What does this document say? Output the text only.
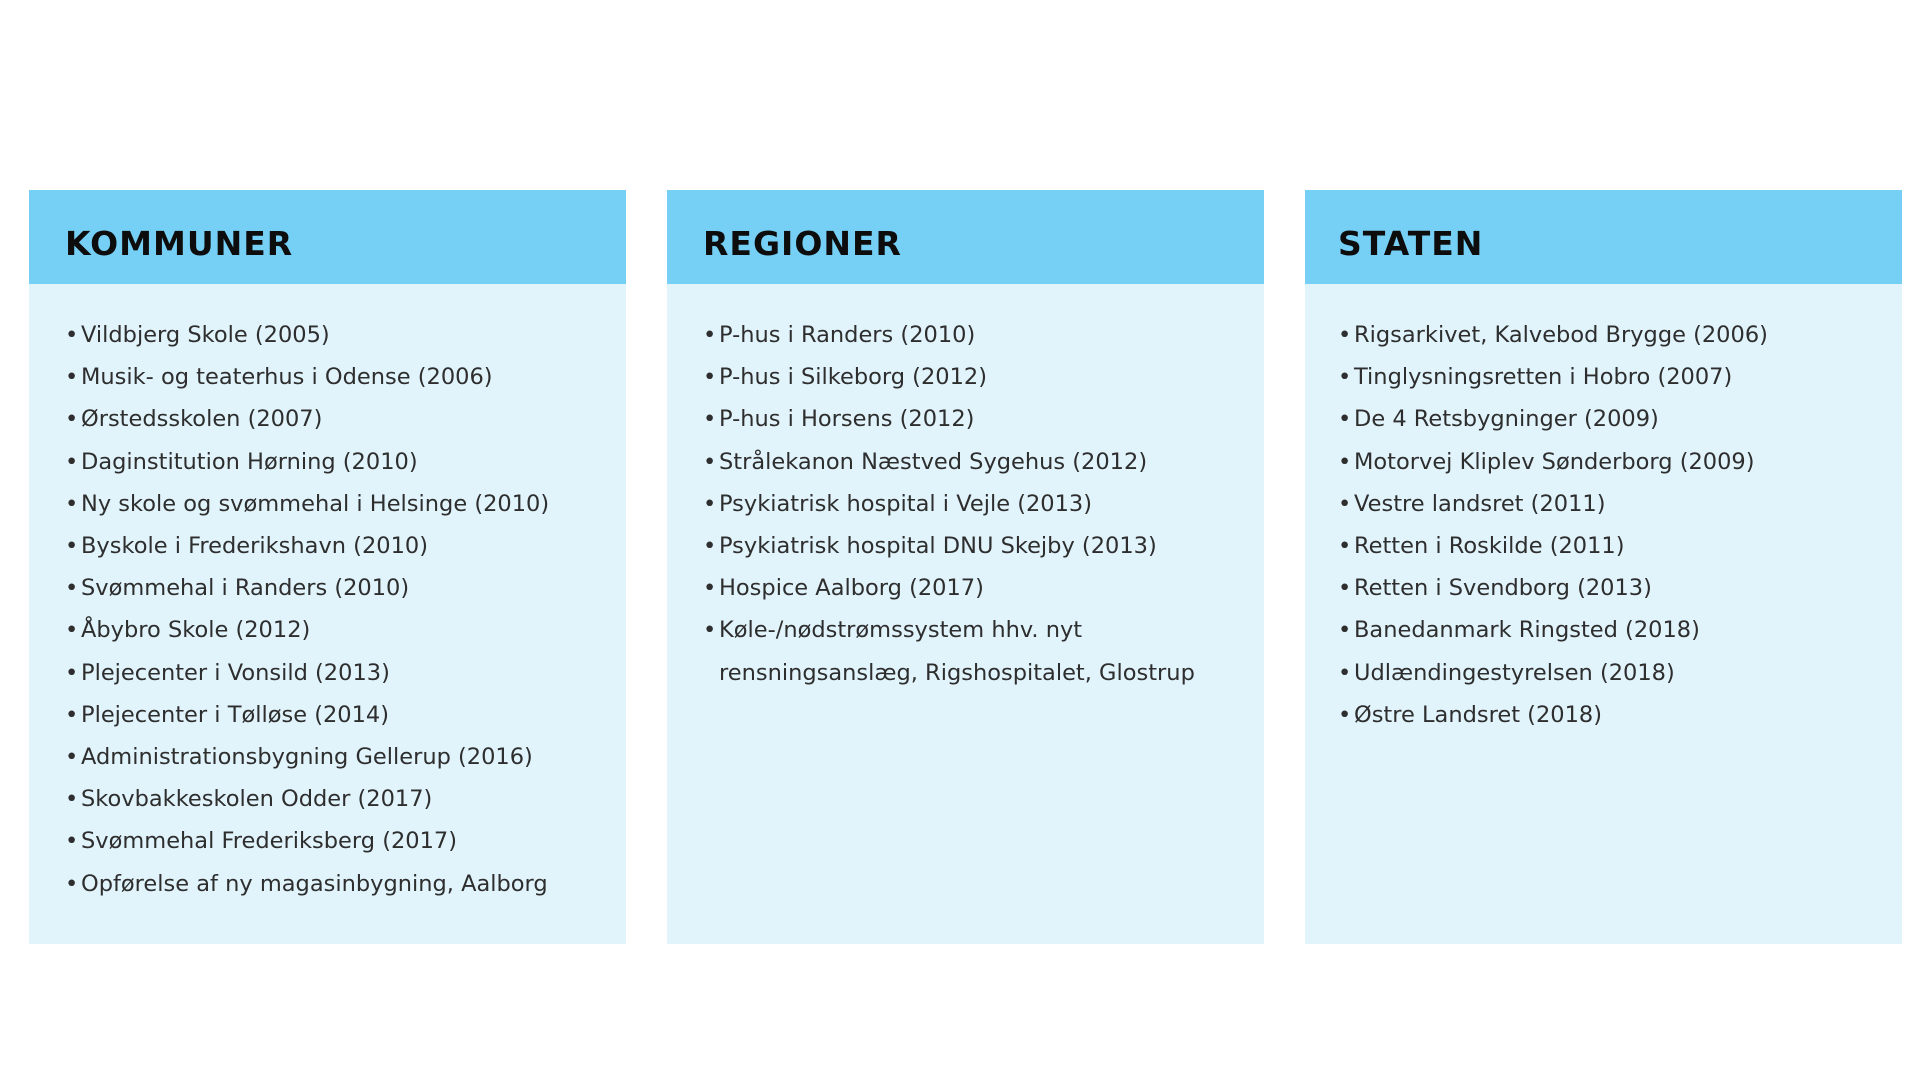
KOMMUNER
• Vildbjerg Skole (2005)
• Musik- og teaterhus i Odense (2006)
• Ørstedsskolen (2007)
• Daginstitution Hørning (2010)
• Ny skole og svømmehal i Helsinge (2010)
• Byskole i Frederikshavn (2010)
• Svømmehal i Randers (2010)
• Åbybro Skole (2012)
• Plejecenter i Vonsild (2013)
• Plejecenter i Tølløse (2014)
• Administrationsbygning Gellerup (2016)
• Skovbakkeskolen Odder (2017)
• Svømmehal Frederiksberg (2017)
• Opførelse af ny magasinbygning, Aalborg
REGIONER
• P-hus i Randers (2010)
• P-hus i Silkeborg (2012)
• P-hus i Horsens (2012)
• Strålekanon Næstved Sygehus (2012)
• Psykiatrisk hospital i Vejle (2013)
• Psykiatrisk hospital DNU Skejby (2013)
• Hospice Aalborg (2017)
• Køle-/nødstrømssystem hhv. nyt rensningsanslæg, Rigshospitalet, Glostrup
STATEN
• Rigsarkivet, Kalvebod Brygge (2006)
• Tinglysningsretten i Hobro (2007)
• De 4 Retsbygninger (2009)
• Motorvej Kliplev Sønderborg (2009)
• Vestre landsret (2011)
• Retten i Roskilde (2011)
• Retten i Svendborg (2013)
• Banedanmark Ringsted (2018)
• Udlændingestyrelsen (2018)
• Østre Landsret (2018)
